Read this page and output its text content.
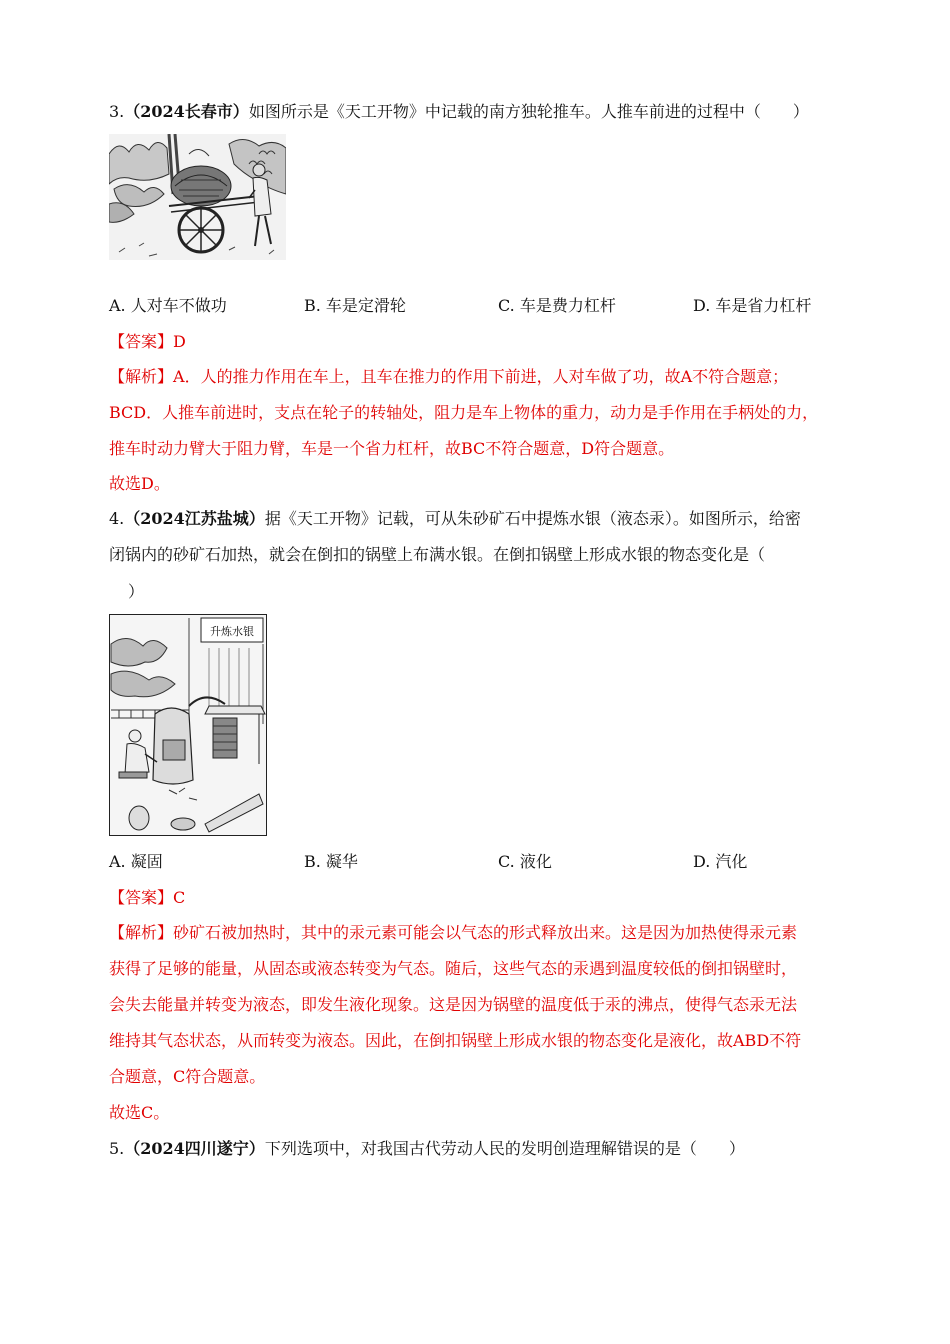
3.（2024长春市）如图所示是《天工开物》中记载的南方独轮推车。人推车前进的过程中（　　）
A. 人对车不做功	B. 车是定滑轮	C. 车是费力杠杆	D. 车是省力杠杆
【答案】D
【解析】A．人的推力作用在车上，且车在推力的作用下前进，人对车做了功，故A不符合题意；
BCD．人推车前进时，支点在轮子的转轴处，阻力是车上物体的重力，动力是手作用在手柄处的力，
推车时动力臂大于阻力臂，车是一个省力杠杆，故BC不符合题意，D符合题意。
故选D。
4.（2024江苏盐城）据《天工开物》记载，可从朱砂矿石中提炼水银（液态汞）。如图所示，给密
闭锅内的砂矿石加热，就会在倒扣的锅壁上布满水银。在倒扣锅壁上形成水银的物态变化是（
）
升炼水银
A. 凝固	B. 凝华	C. 液化	D. 汽化
【答案】C
【解析】砂矿石被加热时，其中的汞元素可能会以气态的形式释放出来。这是因为加热使得汞元素
获得了足够的能量，从固态或液态转变为气态。随后，这些气态的汞遇到温度较低的倒扣锅壁时，
会失去能量并转变为液态，即发生液化现象。这是因为锅壁的温度低于汞的沸点，使得气态汞无法
维持其气态状态，从而转变为液态。因此，在倒扣锅壁上形成水银的物态变化是液化，故ABD不符
合题意，C符合题意。
故选C。
5.（2024四川遂宁）下列选项中，对我国古代劳动人民的发明创造理解错误的是（　　）
